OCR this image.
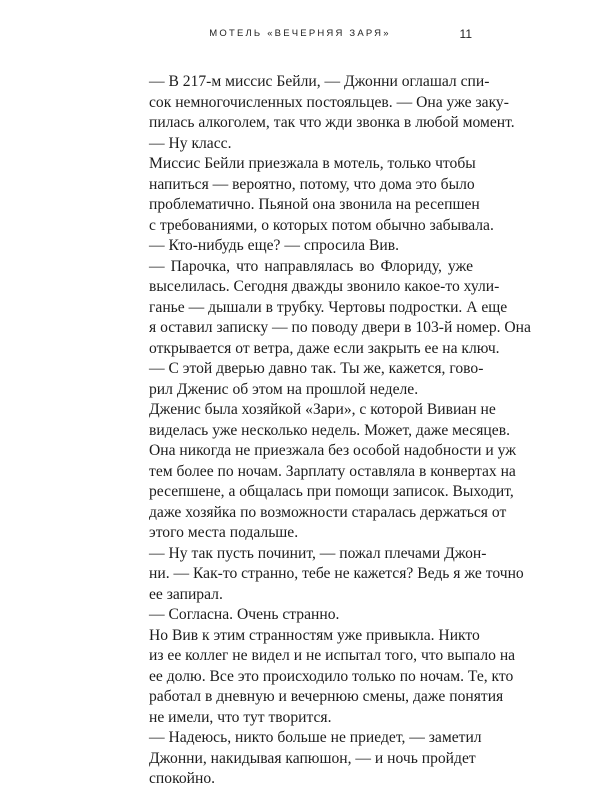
МОТЕЛЬ «ВЕЧЕРНЯЯ ЗАРЯ»	11

— В 217-м миссис Бейли, — Джонни оглашал спи-
сок немногочисленных постояльцев. — Она уже заку-
пилась алкоголем, так что жди звонка в любой момент.

— Ну класс.

Миссис Бейли приезжала в мотель, только чтобы
напиться — вероятно, потому, что дома это было
проблематично. Пьяной она звонила на ресепшен
с требованиями, о которых потом обычно забывала.

— Кто-нибудь еще? — спросила Вив.

— Парочка, что направлялась во Флориду, уже
выселилась. Сегодня дважды звонило какое-то хули-
ганье — дышали в трубку. Чертовы подростки. А еще
я оставил записку — по поводу двери в 103-й номер. Она
открывается от ветра, даже если закрыть ее на ключ.

— С этой дверью давно так. Ты же, кажется, гово-
рил Дженис об этом на прошлой неделе.

Дженис была хозяйкой «Зари», с которой Вивиан не
виделась уже несколько недель. Может, даже месяцев.
Она никогда не приезжала без особой надобности и уж
тем более по ночам. Зарплату оставляла в конвертах на
ресепшене, а общалась при помощи записок. Выходит,
даже хозяйка по возможности старалась держаться от
этого места подальше.

— Ну так пусть починит, — пожал плечами Джон-
ни. — Как-то странно, тебе не кажется? Ведь я же точно
ее запирал.

— Согласна. Очень странно.

Но Вив к этим странностям уже привыкла. Никто
из ее коллег не видел и не испытал того, что выпало на
ее долю. Все это происходило только по ночам. Те, кто
работал в дневную и вечернюю смены, даже понятия
не имели, что тут творится.

— Надеюсь, никто больше не приедет, — заметил
Джонни, накидывая капюшон, — и ночь пройдет
спокойно.
